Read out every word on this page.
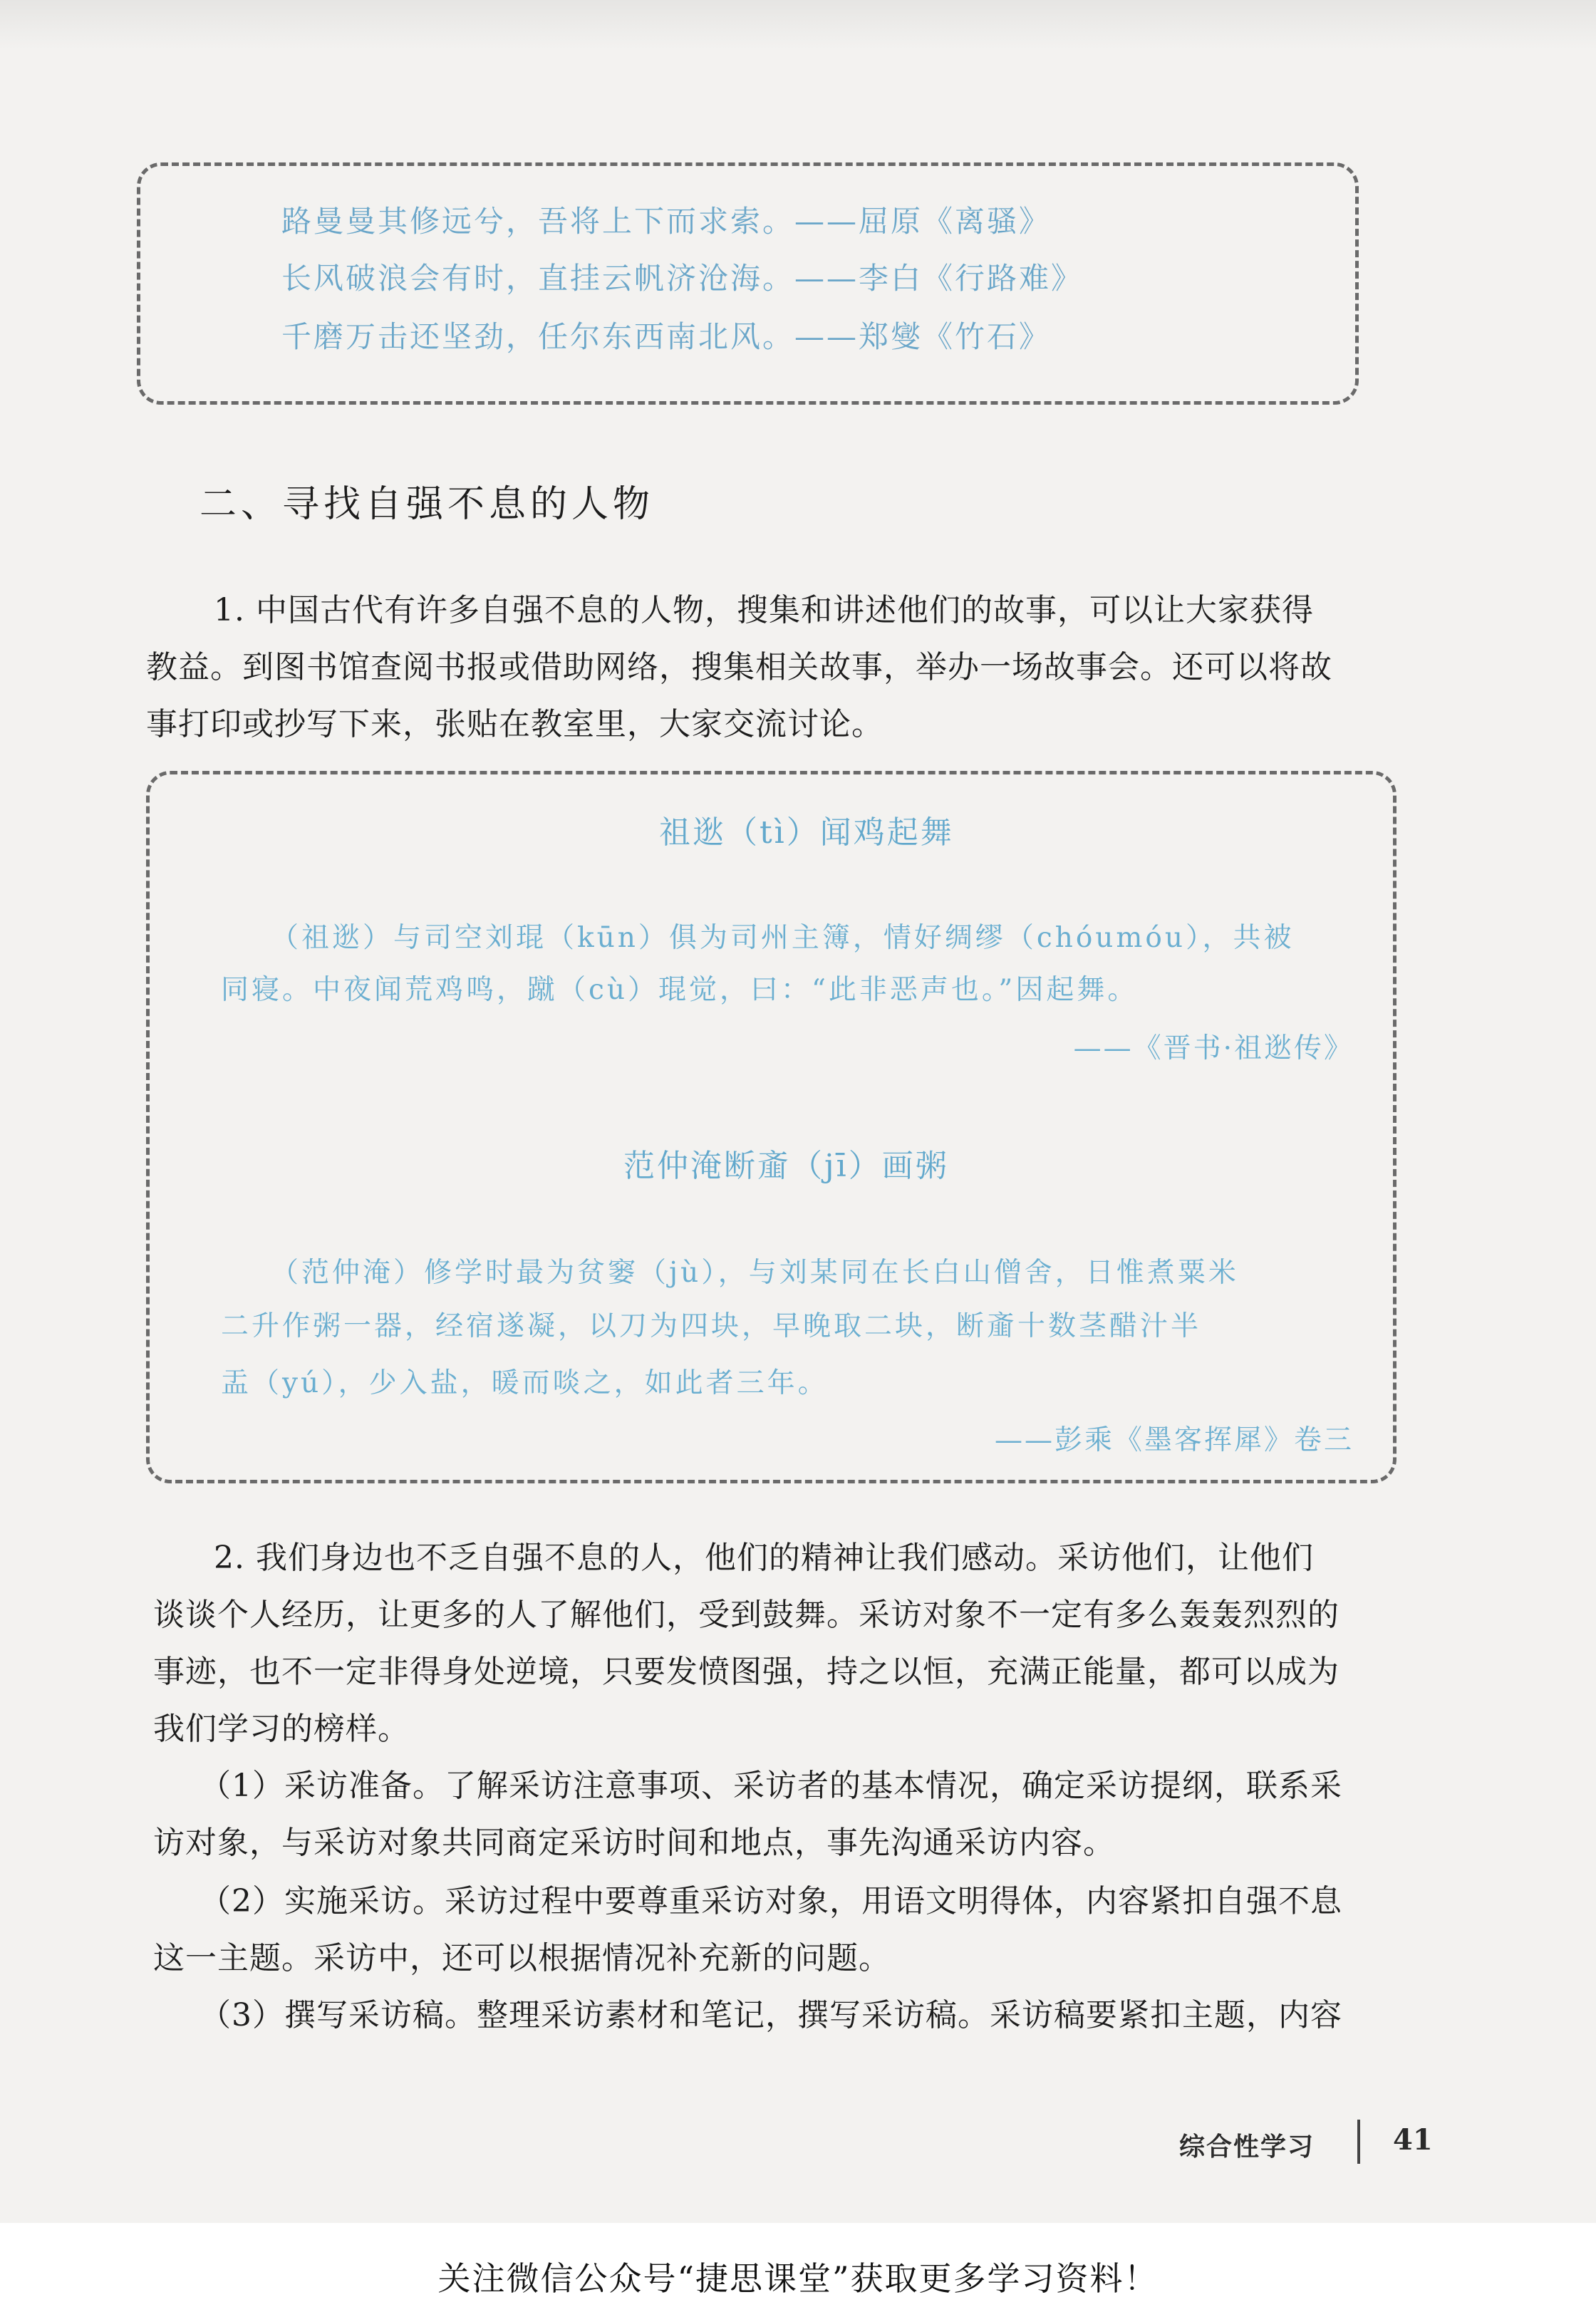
路曼曼其修远兮，吾将上下而求索。——屈原《离骚》
长风破浪会有时，直挂云帆济沧海。——李白《行路难》
千磨万击还坚劲，任尔东西南北风。——郑燮《竹石》
二、寻找自强不息的人物
1. 中国古代有许多自强不息的人物，搜集和讲述他们的故事，可以让大家获得
教益。到图书馆查阅书报或借助网络，搜集相关故事，举办一场故事会。还可以将故
事打印或抄写下来，张贴在教室里，大家交流讨论。
祖逖（tì）闻鸡起舞
（祖逖）与司空刘琨（kūn）俱为司州主簿，情好绸缪（chóumóu），共被
同寝。中夜闻荒鸡鸣，蹴（cù）琨觉，曰：“此非恶声也。”因起舞。
——《晋书·祖逖传》
范仲淹断齑（jī）画粥
（范仲淹）修学时最为贫窭（jù），与刘某同在长白山僧舍，日惟煮粟米
二升作粥一器，经宿遂凝，以刀为四块，早晚取二块，断齑十数茎醋汁半
盂（yú），少入盐，暖而啖之，如此者三年。
——彭乘《墨客挥犀》卷三
2. 我们身边也不乏自强不息的人，他们的精神让我们感动。采访他们，让他们
谈谈个人经历，让更多的人了解他们，受到鼓舞。采访对象不一定有多么轰轰烈烈的
事迹，也不一定非得身处逆境，只要发愤图强，持之以恒，充满正能量，都可以成为
我们学习的榜样。
（1）采访准备。了解采访注意事项、采访者的基本情况，确定采访提纲，联系采
访对象，与采访对象共同商定采访时间和地点，事先沟通采访内容。
（2）实施采访。采访过程中要尊重采访对象，用语文明得体，内容紧扣自强不息
这一主题。采访中，还可以根据情况补充新的问题。
（3）撰写采访稿。整理采访素材和笔记，撰写采访稿。采访稿要紧扣主题，内容
综合性学习	41
关注微信公众号“捷思课堂”获取更多学习资料！
